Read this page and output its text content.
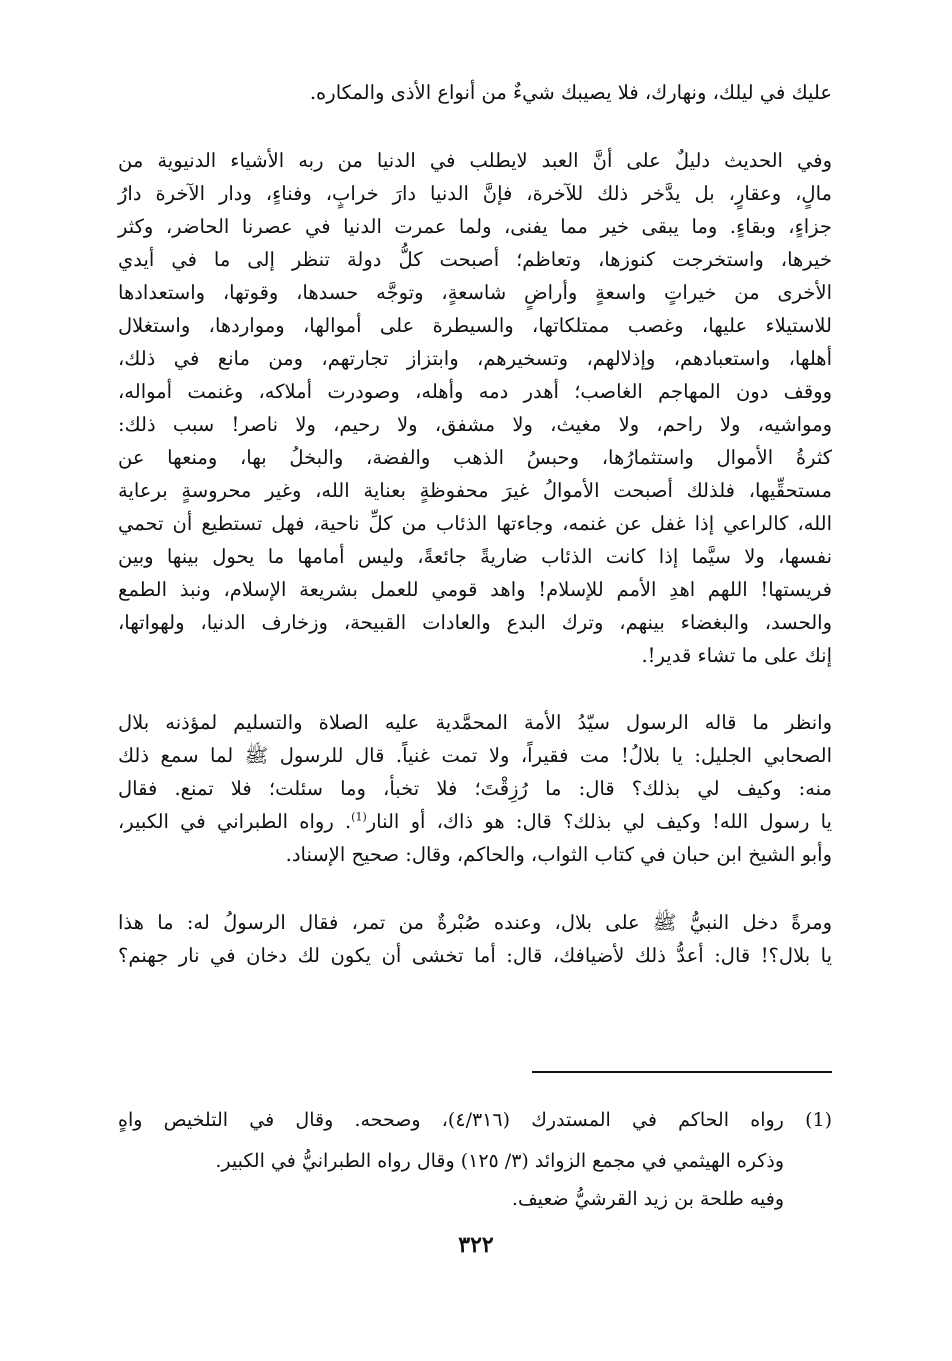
عليك في ليلك، ونهارك، فلا يصيبك شيءٌ من أنواع الأذى والمكاره.
وفي الحديث دليلٌ على أنَّ العبد لايطلب في الدنيا من ربه الأشياء الدنيوية من
مالٍ، وعقارٍ، بل يدَّخر ذلك للآخرة، فإنَّ الدنيا دارَ خرابٍ، وفناءٍ، ودار الآخرة دارُ
جزاءٍ، وبقاءٍ. وما يبقى خير مما يفنى، ولما عمرت الدنيا في عصرنا الحاضر، وكثر
خيرها، واستخرجت كنوزها، وتعاظم؛ أصبحت كلُّ دولة تنظر إلى ما في أيدي
الأخرى من خيراتٍ واسعةٍ وأراضٍ شاسعةٍ، وتوجَّه حسدها، وقوتها، واستعدادها
للاستيلاء عليها، وغصب ممتلكاتها، والسيطرة على أموالها، ومواردها، واستغلال
أهلها، واستعبادهم، وإذلالهم، وتسخيرهم، وابتزاز تجارتهم، ومن مانع في ذلك،
ووقف دون المهاجم الغاصب؛ أهدر دمه وأهله، وصودرت أملاكه، وغنمت أمواله،
ومواشيه، ولا راحم، ولا مغيث، ولا مشفق، ولا رحيم، ولا ناصر! سبب ذلك:
كثرةُ الأموال واستثمارُها، وحبسُ الذهب والفضة، والبخلُ بها، ومنعها عن
مستحقِّيها، فلذلك أصبحت الأموالُ غيرَ محفوظةٍ بعناية الله، وغير محروسةٍ برعاية
الله، كالراعي إذا غفل عن غنمه، وجاءتها الذئاب من كلِّ ناحية، فهل تستطيع أن تحمي
نفسها، ولا سيَّما إذا كانت الذئاب ضاريةً جائعةً، وليس أمامها ما يحول بينها وبين
فريستها! اللهم اهدِ الأمم للإسلام! واهد قومي للعمل بشريعة الإسلام، ونبذ الطمع
والحسد، والبغضاء بينهم، وترك البدع والعادات القبيحة، وزخارف الدنيا، ولهواتها،
إنك على ما تشاء قدير!.
وانظر ما قاله الرسول سيّدُ الأمة المحمَّدية عليه الصلاة والتسليم لمؤذنه بلال
الصحابي الجليل: يا بلالُ! مت فقيراً، ولا تمت غنياً. قال للرسول ﷺ لما سمع ذلك
منه: وكيف لي بذلك؟ قال: ما رُزِقْتَ؛ فلا تخبأ، وما سئلت؛ فلا تمنع. فقال
يا رسول الله! وكيف لي بذلك؟ قال: هو ذاك، أو النار$^{(1)}$. رواه الطبراني في الكبير،
وأبو الشيخ ابن حبان في كتاب الثواب، والحاكم، وقال: صحيح الإسناد.
ومرةً دخل النبيُّ ﷺ على بلال، وعنده صُبْرةٌ من تمر، فقال الرسولُ له: ما هذا
يا بلال؟! قال: أعدُّ ذلك لأضيافك، قال: أما تخشى أن يكون لك دخان في نار جهنم؟
(1) رواه الحاكم في المستدرك (٤/٣١٦)، وصححه. وقال في التلخيص واهٍ
وذكره الهيثمي في مجمع الزوائد (٣/ ١٢٥) وقال رواه الطبرانيُّ في الكبير.
وفيه طلحة بن زيد القرشيُّ ضعيف.
٣٢٢
